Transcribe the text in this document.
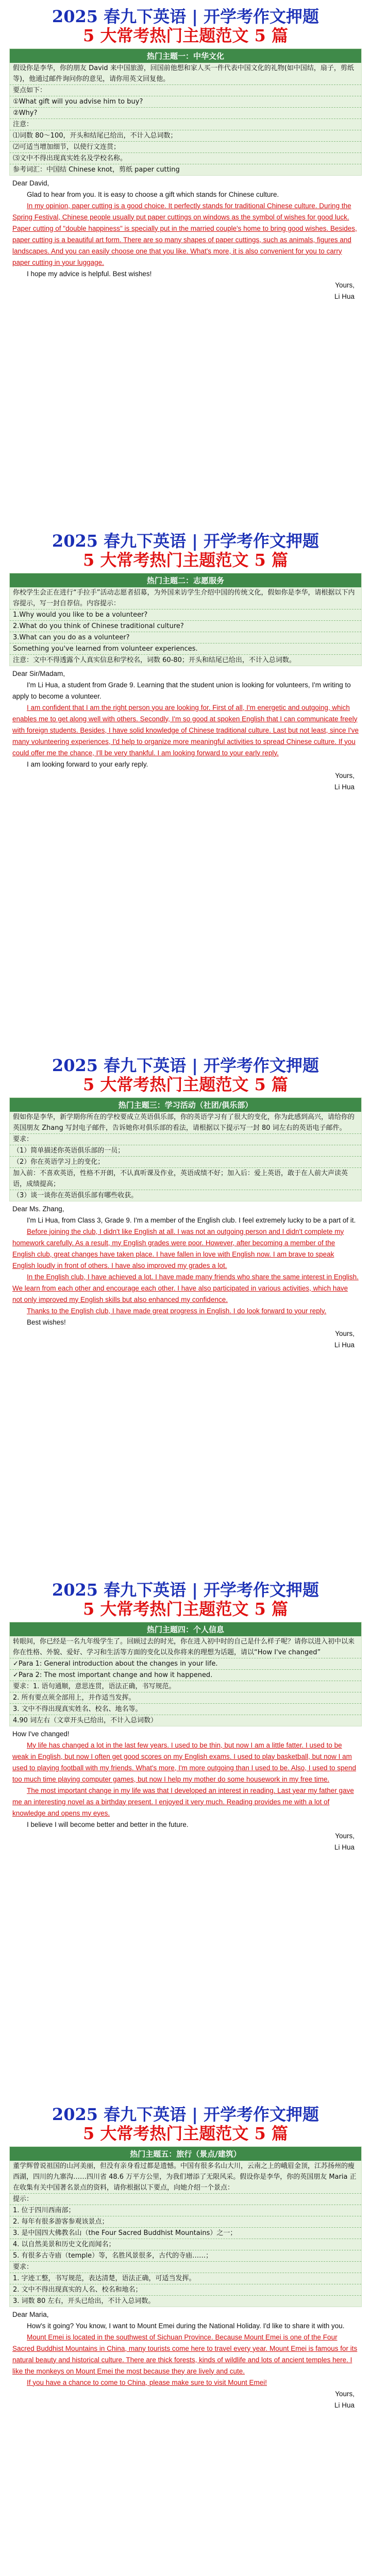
2025 春九下英语 | 开学考作文押题
5 大常考热门主题范文 5 篇
热门主题一：中华文化
假设你是李华，你的朋友 David 来中国旅游，回国前他想和家人买一件代表中国文化的礼物(如中国结，扇子，剪纸等)，他通过邮件询问你的意见，请你用英文回复他。
要点如下：
①What gift will you advise him to buy?
②Why?
注意：
⑴词数 80～100，开头和结尾已给出，不计入总词数；
⑵可适当增加细节，以使行文连贯；
⑶文中不得出现真实姓名及学校名称。
参考词汇：中国结 Chinese knot，剪纸 paper cutting

Dear David,

Glad to hear from you. It is easy to choose a gift which stands for Chinese culture.

In my opinion, paper cutting is a good choice. It perfectly stands for traditional Chinese culture. During the Spring Festival, Chinese people usually put paper cuttings on windows as the symbol of wishes for good luck. Paper cutting of "double happiness" is specially put in the married couple's home to bring good wishes. Besides, paper cutting is a beautiful art form. There are so many shapes of paper cuttings, such as animals, figures and landscapes. And you can easily choose one that you like. What's more, it is also convenient for you to carry paper cutting in your luggage.

I hope my advice is helpful. Best wishes!

Yours,

Li Hua

2025 春九下英语 | 开学考作文押题
5 大常考热门主题范文 5 篇
热门主题二：志愿服务
你校学生会正在进行“手拉手”活动志愿者招募，为外国来访学生介绍中国的传统文化，假如你是李华，请根据以下内容提示，写一封自荐信。内容提示：
1.Why would you like to be a volunteer?
2.What do you think of Chinese traditional culture?
3.What can you do as a volunteer?
Something you've learned from volunteer experiences.
注意：文中不得透露个人真实信息和学校名，词数 60-80；开头和结尾已给出，不计入总词数。

Dear Sir/Madam,

I'm Li Hua, a student from Grade 9. Learning that the student union is looking for volunteers, I'm writing to apply to become a volunteer.

I am confident that I am the right person you are looking for. First of all, I'm energetic and outgoing, which enables me to get along well with others. Secondly, I'm so good at spoken English that I can communicate freely with foreign students. Besides, I have solid knowledge of Chinese traditional culture. Last but not least, since I've many volunteering experiences, I'd help to organize more meaningful activities to spread Chinese culture. If you could offer me the chance, I'll be very thankful. I am looking forward to your early reply.

I am looking forward to your early reply.

Yours,

Li Hua

2025 春九下英语 | 开学考作文押题
5 大常考热门主题范文 5 篇
热门主题三：学习活动（社团/俱乐部）
假如你是李华，新学期你所在的学校要成立英语俱乐部，你的英语学习有了很大的变化，你为此感到高兴，请给你的英国朋友 Zhang 写封电子邮件，告诉她你对俱乐部的看法，请根据以下提示写一封 80 词左右的英语电子邮件。
要求：
（1）简单描述你英语俱乐部的一员；
（2）你在英语学习上的变化；
加入前：不喜欢英语，性格不开朗，不认真听课及作业，英语成绩不好；加入后：爱上英语，敢于在人前大声读英语，成绩提高；
（3）谈一谈你在英语俱乐部有哪些收获。

Dear Ms. Zhang,

I'm Li Hua, from Class 3, Grade 9. I'm a member of the English club. I feel extremely lucky to be a part of it.

Before joining the club, I didn't like English at all. I was not an outgoing person and I didn't complete my homework carefully. As a result, my English grades were poor. However, after becoming a member of the English club, great changes have taken place. I have fallen in love with English now. I am brave to speak English loudly in front of others. I have also improved my grades a lot.

In the English club, I have achieved a lot. I have made many friends who share the same interest in English. We learn from each other and encourage each other. I have also participated in various activities, which have not only improved my English skills but also enhanced my confidence.

Thanks to the English club, I have made great progress in English. I do look forward to your reply.

Best wishes!

Yours,

Li Hua

2025 春九下英语 | 开学考作文押题
5 大常考热门主题范文 5 篇
热门主题四：个人信息
转眼间，你已经是一名九年级学生了。回顾过去的时光，你在进入初中时的自己是什么样子呢？请你以进入初中以来你在性格、外貌、爱好、学习和生活等方面的变化以及你将来的理想为话题，请以“How I've changed”
✓Para 1: General introduction about the changes in your life.
✓Para 2: The most important change and how it happened.
要求：1. 语句通顺，意思连贯，语法正确，书写规范。
2. 所有要点须全部用上，并作适当发挥。
3. 文中不得出现真实姓名、校名、地名等。
4.90 词左右（文章开头已给出，不计入总词数）

How I've changed!

My life has changed a lot in the last few years. I used to be thin, but now I am a little fatter. I used to be weak in English, but now I often get good scores on my English exams. I used to play basketball, but now I am used to playing football with my friends. What's more, I'm more outgoing than I used to be. Also, I used to spend too much time playing computer games, but now I help my mother do some housework in my free time.

The most important change in my life was that I developed an interest in reading. Last year my father gave me an interesting novel as a birthday present. I enjoyed it very much. Reading provides me with a lot of knowledge and opens my eyes.

I believe I will become better and better in the future.

Yours,

Li Hua

2025 春九下英语 | 开学考作文押题
5 大常考热门主题范文 5 篇
热门主题五：旅行（景点/建筑）
董学辉曾说祖国的山河美丽，但没有亲身看过都是遗憾。中国有很多名山大川，云南之上的峨眉金顶，江苏扬州的瘦西湖，四川的九寨沟……四川省 48.6 万平方公里，为我们增添了无限风采。假设你是李华，你的英国朋友 Maria 正在收集有关中国著名景点的资料，请你根据以下要点，向她介绍一个景点：
提示：
1. 位于四川西南部；
2. 每年有很多游客参观该景点；
3. 是中国四大佛教名山（the Four Sacred Buddhist Mountains）之一；
4. 以自然美景和历史文化而闻名；
5. 有很多古寺庙（temple）等，名胜风景很多，古代的寺庙……；
要求：
1. 字迹工整，书写规范，表达清楚，语法正确，可适当发挥。
2. 文中不得出现真实的人名、校名和地名；
3. 词数 80 左右，开头已给出，不计入总词数。

Dear Maria,

How's it going? You know, I want to Mount Emei during the National Holiday. I'd like to share it with you.

Mount Emei is located in the southwest of Sichuan Province. Because Mount Emei is one of the Four Sacred Buddhist Mountains in China, many tourists come here to travel every year. Mount Emei is famous for its natural beauty and historical culture. There are thick forests, kinds of wildlife and lots of ancient temples here. I like the monkeys on Mount Emei the most because they are lively and cute.

If you have a chance to come to China, please make sure to visit Mount Emei!

Yours,

Li Hua
